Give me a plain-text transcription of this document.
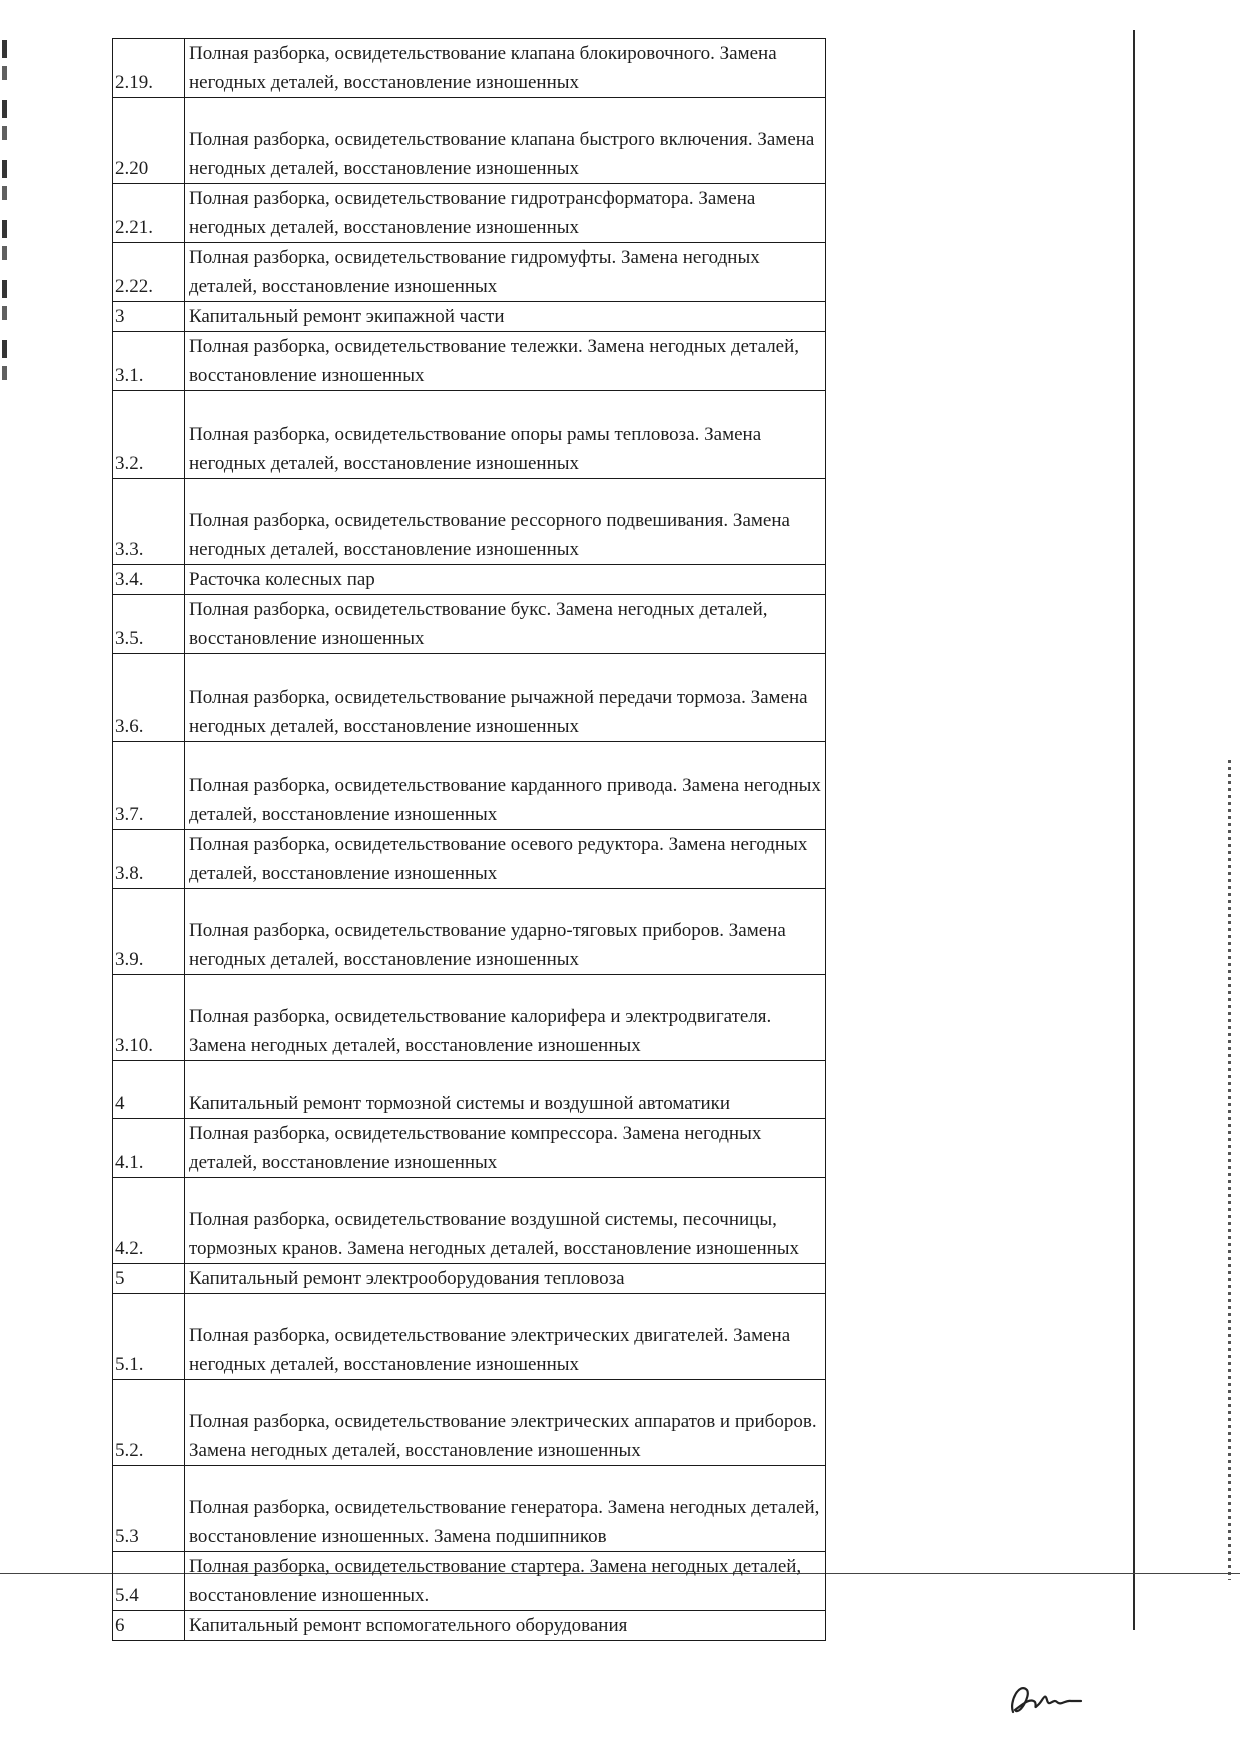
2.19.	Полная разборка, освидетельствование клапана блокировочного. Замена негодных деталей, восстановление изношенных
2.20	Полная разборка, освидетельствование клапана быстрого включения. Замена негодных деталей, восстановление изношенных
2.21.	Полная разборка, освидетельствование гидротрансформатора. Замена негодных деталей, восстановление изношенных
2.22.	Полная разборка, освидетельствование гидромуфты. Замена негодных деталей, восстановление изношенных
3	Капитальный ремонт экипажной части
3.1.	Полная разборка, освидетельствование тележки. Замена негодных деталей, восстановление изношенных
3.2.	Полная разборка, освидетельствование опоры рамы тепловоза. Замена негодных деталей, восстановление изношенных
3.3.	Полная разборка, освидетельствование рессорного подвешивания. Замена негодных деталей, восстановление изношенных
3.4.	Расточка колесных пар
3.5.	Полная разборка, освидетельствование букс. Замена негодных деталей, восстановление изношенных
3.6.	Полная разборка, освидетельствование рычажной передачи тормоза. Замена негодных деталей, восстановление изношенных
3.7.	Полная разборка, освидетельствование карданного привода. Замена негодных деталей, восстановление изношенных
3.8.	Полная разборка, освидетельствование осевого редуктора. Замена негодных деталей, восстановление изношенных
3.9.	Полная разборка, освидетельствование ударно-тяговых приборов. Замена негодных деталей, восстановление изношенных
3.10.	Полная разборка, освидетельствование калорифера и электродвигателя. Замена негодных деталей, восстановление изношенных
4	Капитальный ремонт тормозной системы и воздушной автоматики
4.1.	Полная разборка, освидетельствование компрессора. Замена негодных деталей, восстановление изношенных
4.2.	Полная разборка, освидетельствование воздушной системы, песочницы, тормозных кранов. Замена негодных деталей, восстановление изношенных
5	Капитальный ремонт электрооборудования тепловоза
5.1.	Полная разборка, освидетельствование электрических двигателей. Замена негодных деталей, восстановление изношенных
5.2.	Полная разборка, освидетельствование электрических аппаратов и приборов. Замена негодных деталей, восстановление изношенных
5.3	Полная разборка, освидетельствование генератора. Замена негодных деталей, восстановление изношенных. Замена подшипников
5.4	Полная разборка, освидетельствование стартера. Замена негодных деталей, восстановление изношенных.
6	Капитальный ремонт вспомогательного оборудования
